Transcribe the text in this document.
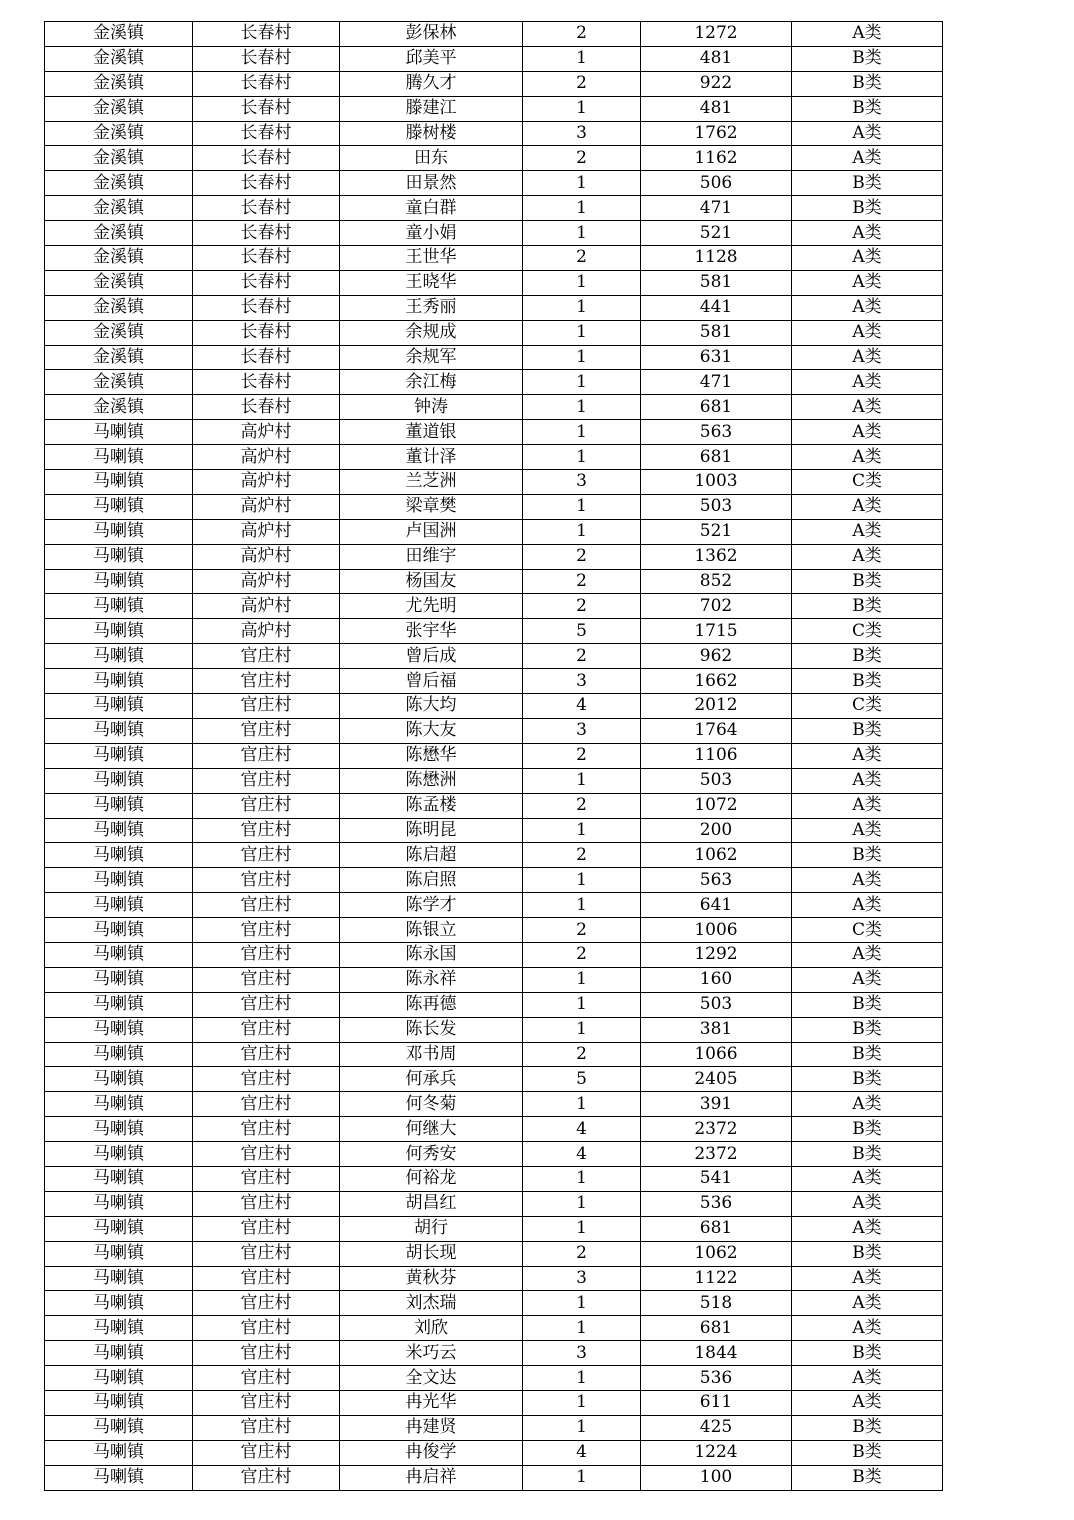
金溪镇	长春村	彭保林	2	1272	A类
金溪镇	长春村	邱美平	1	481	B类
金溪镇	长春村	腾久才	2	922	B类
金溪镇	长春村	滕建江	1	481	B类
金溪镇	长春村	滕树楼	3	1762	A类
金溪镇	长春村	田东	2	1162	A类
金溪镇	长春村	田景然	1	506	B类
金溪镇	长春村	童白群	1	471	B类
金溪镇	长春村	童小娟	1	521	A类
金溪镇	长春村	王世华	2	1128	A类
金溪镇	长春村	王晓华	1	581	A类
金溪镇	长春村	王秀丽	1	441	A类
金溪镇	长春村	余规成	1	581	A类
金溪镇	长春村	余规军	1	631	A类
金溪镇	长春村	余江梅	1	471	A类
金溪镇	长春村	钟涛	1	681	A类
马喇镇	高炉村	董道银	1	563	A类
马喇镇	高炉村	董计泽	1	681	A类
马喇镇	高炉村	兰芝洲	3	1003	C类
马喇镇	高炉村	梁章樊	1	503	A类
马喇镇	高炉村	卢国洲	1	521	A类
马喇镇	高炉村	田维宇	2	1362	A类
马喇镇	高炉村	杨国友	2	852	B类
马喇镇	高炉村	尤先明	2	702	B类
马喇镇	高炉村	张宇华	5	1715	C类
马喇镇	官庄村	曾后成	2	962	B类
马喇镇	官庄村	曾后福	3	1662	B类
马喇镇	官庄村	陈大均	4	2012	C类
马喇镇	官庄村	陈大友	3	1764	B类
马喇镇	官庄村	陈懋华	2	1106	A类
马喇镇	官庄村	陈懋洲	1	503	A类
马喇镇	官庄村	陈孟楼	2	1072	A类
马喇镇	官庄村	陈明昆	1	200	A类
马喇镇	官庄村	陈启超	2	1062	B类
马喇镇	官庄村	陈启照	1	563	A类
马喇镇	官庄村	陈学才	1	641	A类
马喇镇	官庄村	陈银立	2	1006	C类
马喇镇	官庄村	陈永国	2	1292	A类
马喇镇	官庄村	陈永祥	1	160	A类
马喇镇	官庄村	陈再德	1	503	B类
马喇镇	官庄村	陈长发	1	381	B类
马喇镇	官庄村	邓书周	2	1066	B类
马喇镇	官庄村	何承兵	5	2405	B类
马喇镇	官庄村	何冬菊	1	391	A类
马喇镇	官庄村	何继大	4	2372	B类
马喇镇	官庄村	何秀安	4	2372	B类
马喇镇	官庄村	何裕龙	1	541	A类
马喇镇	官庄村	胡昌红	1	536	A类
马喇镇	官庄村	胡行	1	681	A类
马喇镇	官庄村	胡长现	2	1062	B类
马喇镇	官庄村	黄秋芬	3	1122	A类
马喇镇	官庄村	刘杰瑞	1	518	A类
马喇镇	官庄村	刘欣	1	681	A类
马喇镇	官庄村	米巧云	3	1844	B类
马喇镇	官庄村	全文达	1	536	A类
马喇镇	官庄村	冉光华	1	611	A类
马喇镇	官庄村	冉建贤	1	425	B类
马喇镇	官庄村	冉俊学	4	1224	B类
马喇镇	官庄村	冉启祥	1	100	B类
